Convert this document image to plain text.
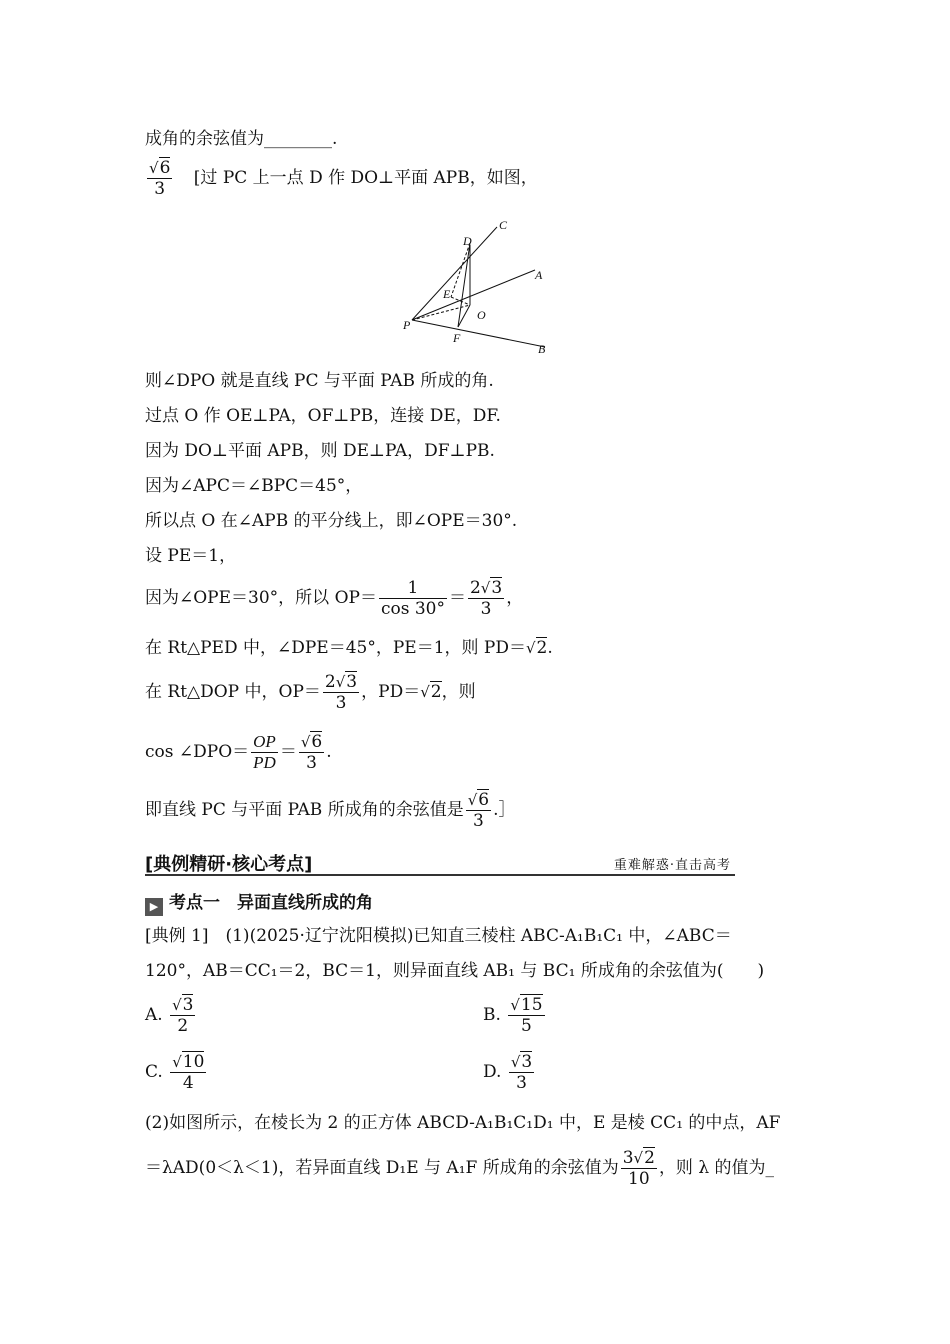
成角的余弦值为________.
$\frac{√6}{3}$ [过 PC 上一点 D 作 DO⊥平面 APB，如图，
C
D
A
E
O
P
F
B
则∠DPO 就是直线 PC 与平面 PAB 所成的角.
过点 O 作 OE⊥PA，OF⊥PB，连接 DE，DF.
因为 DO⊥平面 APB，则 DE⊥PA，DF⊥PB.
因为∠APC＝∠BPC＝45°，
所以点 O 在∠APB 的平分线上，即∠OPE＝30°.
设 PE＝1，
因为∠OPE＝30°，所以 $OP= \frac{1}{\cos 30^\circ} = \frac{2√3}{3}$ ，
在 Rt△PED 中，∠DPE＝45°，PE＝1，则 PD＝√2.
在 Rt△DOP 中，$OP= \frac{2√3}{3}$ ，PD＝√2，则
cos ∠DPO＝ $\frac{OP}{PD} = \frac{√6}{3}$ .
即直线 PC 与平面 PAB 所成角的余弦值是 $\frac{√6}{3}$ .］
[典例精研·核心考点]	重难解惑·直击高考
▶ 考点一　异面直线所成的角
[典例 1]　(1)(2025·辽宁沈阳模拟)已知直三棱柱 ABC-A₁B₁C₁ 中，∠ABC＝
120°，AB＝CC₁＝2，BC＝1，则异面直线 AB₁ 与 BC₁ 所成角的余弦值为(　　)
A. $\frac{√3}{2}$	B. $\frac{√15}{5}$
C. $\frac{√10}{4}$	D. $\frac{√3}{3}$
(2)如图所示，在棱长为 2 的正方体 ABCD-A₁B₁C₁D₁ 中，E 是棱 CC₁ 的中点，AF
＝λAD(0＜λ＜1)，若异面直线 D₁E 与 A₁F 所成角的余弦值为 $\frac{3√2}{10}$ ，则 λ 的值为_
